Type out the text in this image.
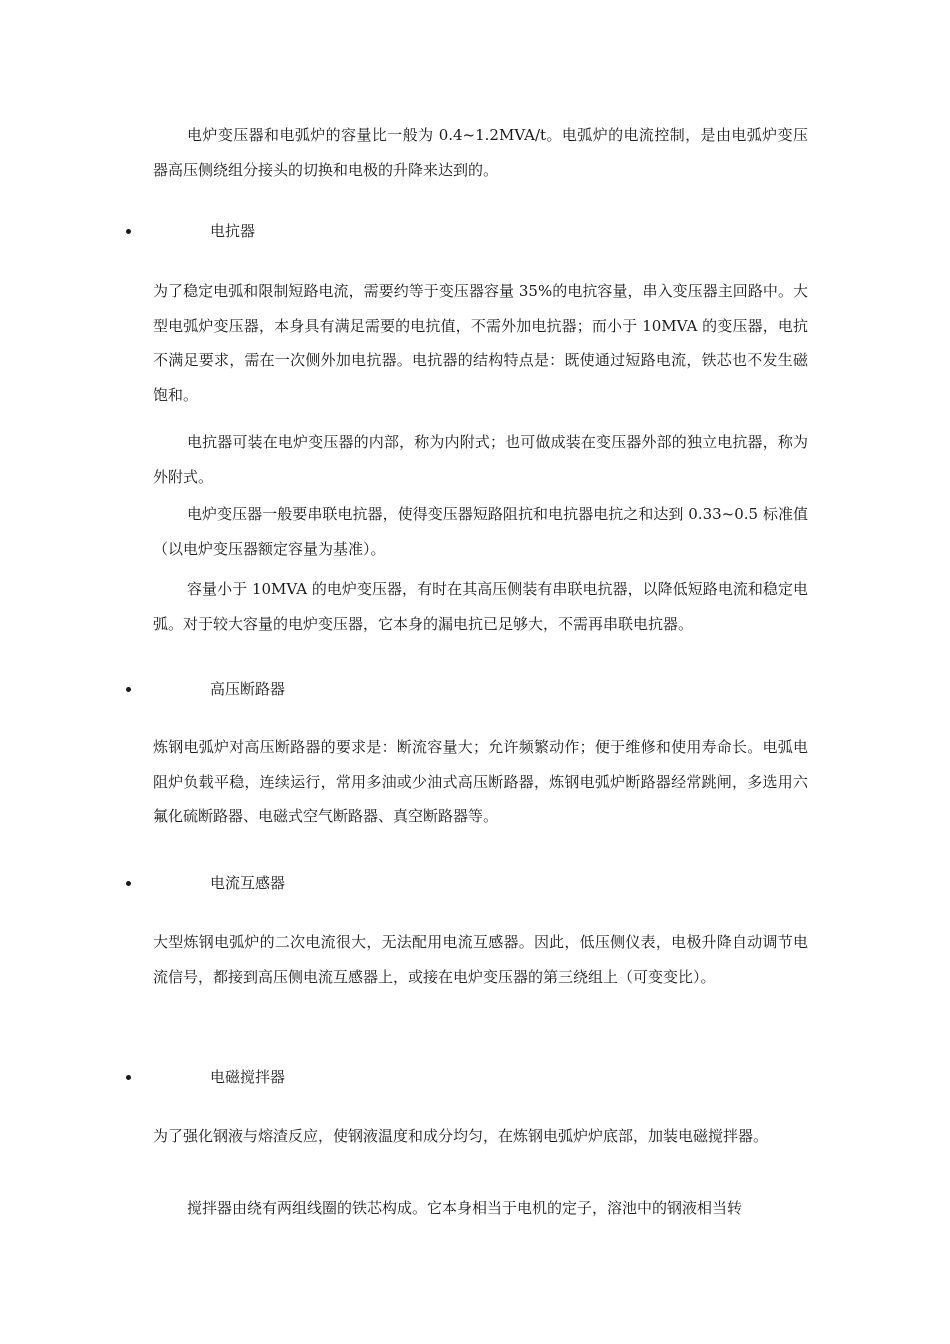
电炉变压器和电弧炉的容量比一般为 0.4~1.2MVA/t。电弧炉的电流控制，是由电弧炉变压器高压侧绕组分接头的切换和电极的升降来达到的。

电抗器

为了稳定电弧和限制短路电流，需要约等于变压器容量 35%的电抗容量，串入变压器主回路中。大型电弧炉变压器，本身具有满足需要的电抗值，不需外加电抗器；而小于 10MVA 的变压器，电抗不满足要求，需在一次侧外加电抗器。电抗器的结构特点是：既使通过短路电流，铁芯也不发生磁饱和。

电抗器可装在电炉变压器的内部，称为内附式；也可做成装在变压器外部的独立电抗器，称为外附式。

电炉变压器一般要串联电抗器，使得变压器短路阻抗和电抗器电抗之和达到 0.33~0.5 标准值（以电炉变压器额定容量为基准）。

容量小于 10MVA 的电炉变压器，有时在其高压侧装有串联电抗器，以降低短路电流和稳定电弧。对于较大容量的电炉变压器，它本身的漏电抗已足够大，不需再串联电抗器。

高压断路器

炼钢电弧炉对高压断路器的要求是：断流容量大；允许频繁动作；便于维修和使用寿命长。电弧电阻炉负载平稳，连续运行，常用多油或少油式高压断路器，炼钢电弧炉断路器经常跳闸，多选用六氟化硫断路器、电磁式空气断路器、真空断路器等。

电流互感器

大型炼钢电弧炉的二次电流很大，无法配用电流互感器。因此，低压侧仪表，电极升降自动调节电流信号，都接到高压侧电流互感器上，或接在电炉变压器的第三绕组上（可变变比）。

电磁搅拌器

为了强化钢液与熔渣反应，使钢液温度和成分均匀，在炼钢电弧炉炉底部，加装电磁搅拌器。

搅拌器由绕有两组线圈的铁芯构成。它本身相当于电机的定子，溶池中的钢液相当转
